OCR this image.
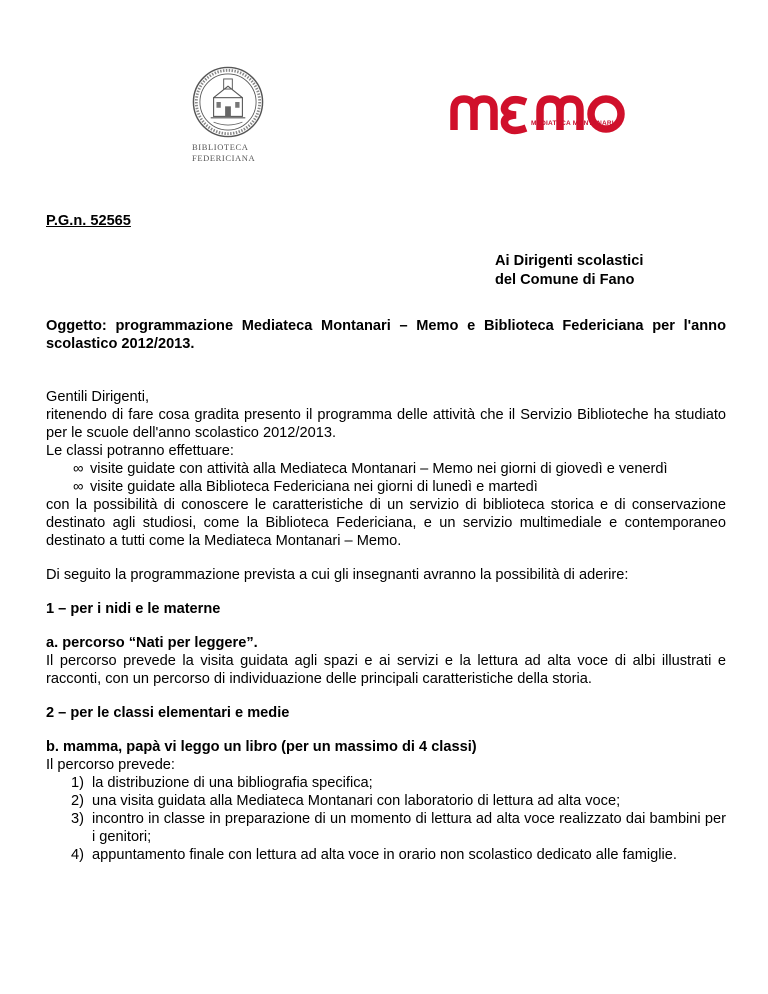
BIBLIOTECA
FEDERICIANA
MEDIATECA MONTANARI

P.G.n. 52565

Ai Dirigenti scolastici
del Comune di Fano

Oggetto: programmazione Mediateca Montanari – Memo e Biblioteca Federiciana per l'anno scolastico 2012/2013.

Gentili Dirigenti,

ritenendo di fare cosa gradita presento il programma delle attività che il Servizio Biblioteche ha studiato per le scuole dell'anno scolastico 2012/2013.

Le classi potranno effettuare:

∞ visite guidate con attività alla Mediateca Montanari – Memo nei giorni di giovedì e venerdì
∞ visite guidate alla Biblioteca Federiciana nei giorni di lunedì e martedì

con la possibilità di conoscere le caratteristiche di un servizio di biblioteca storica e di conservazione destinato agli studiosi, come la Biblioteca Federiciana, e un servizio multimediale e contemporaneo destinato a tutti come la Mediateca Montanari – Memo.

Di seguito la programmazione prevista a cui gli insegnanti avranno la possibilità di aderire:

1 – per i nidi e le materne

a. percorso “Nati per leggere”.

Il percorso prevede la visita guidata agli spazi e ai servizi e la lettura ad alta voce di albi illustrati e racconti, con un percorso di individuazione delle principali caratteristiche della storia.

2 – per le classi elementari e medie

b. mamma, papà vi leggo un libro (per un massimo di 4 classi)

Il percorso prevede:

1) la distribuzione di una bibliografia specifica;
2) una visita guidata alla Mediateca Montanari con laboratorio di lettura ad alta voce;
3) incontro in classe in preparazione di un momento di lettura ad alta voce realizzato dai bambini per i genitori;
4) appuntamento finale con lettura ad alta voce in orario non scolastico dedicato alle famiglie.
